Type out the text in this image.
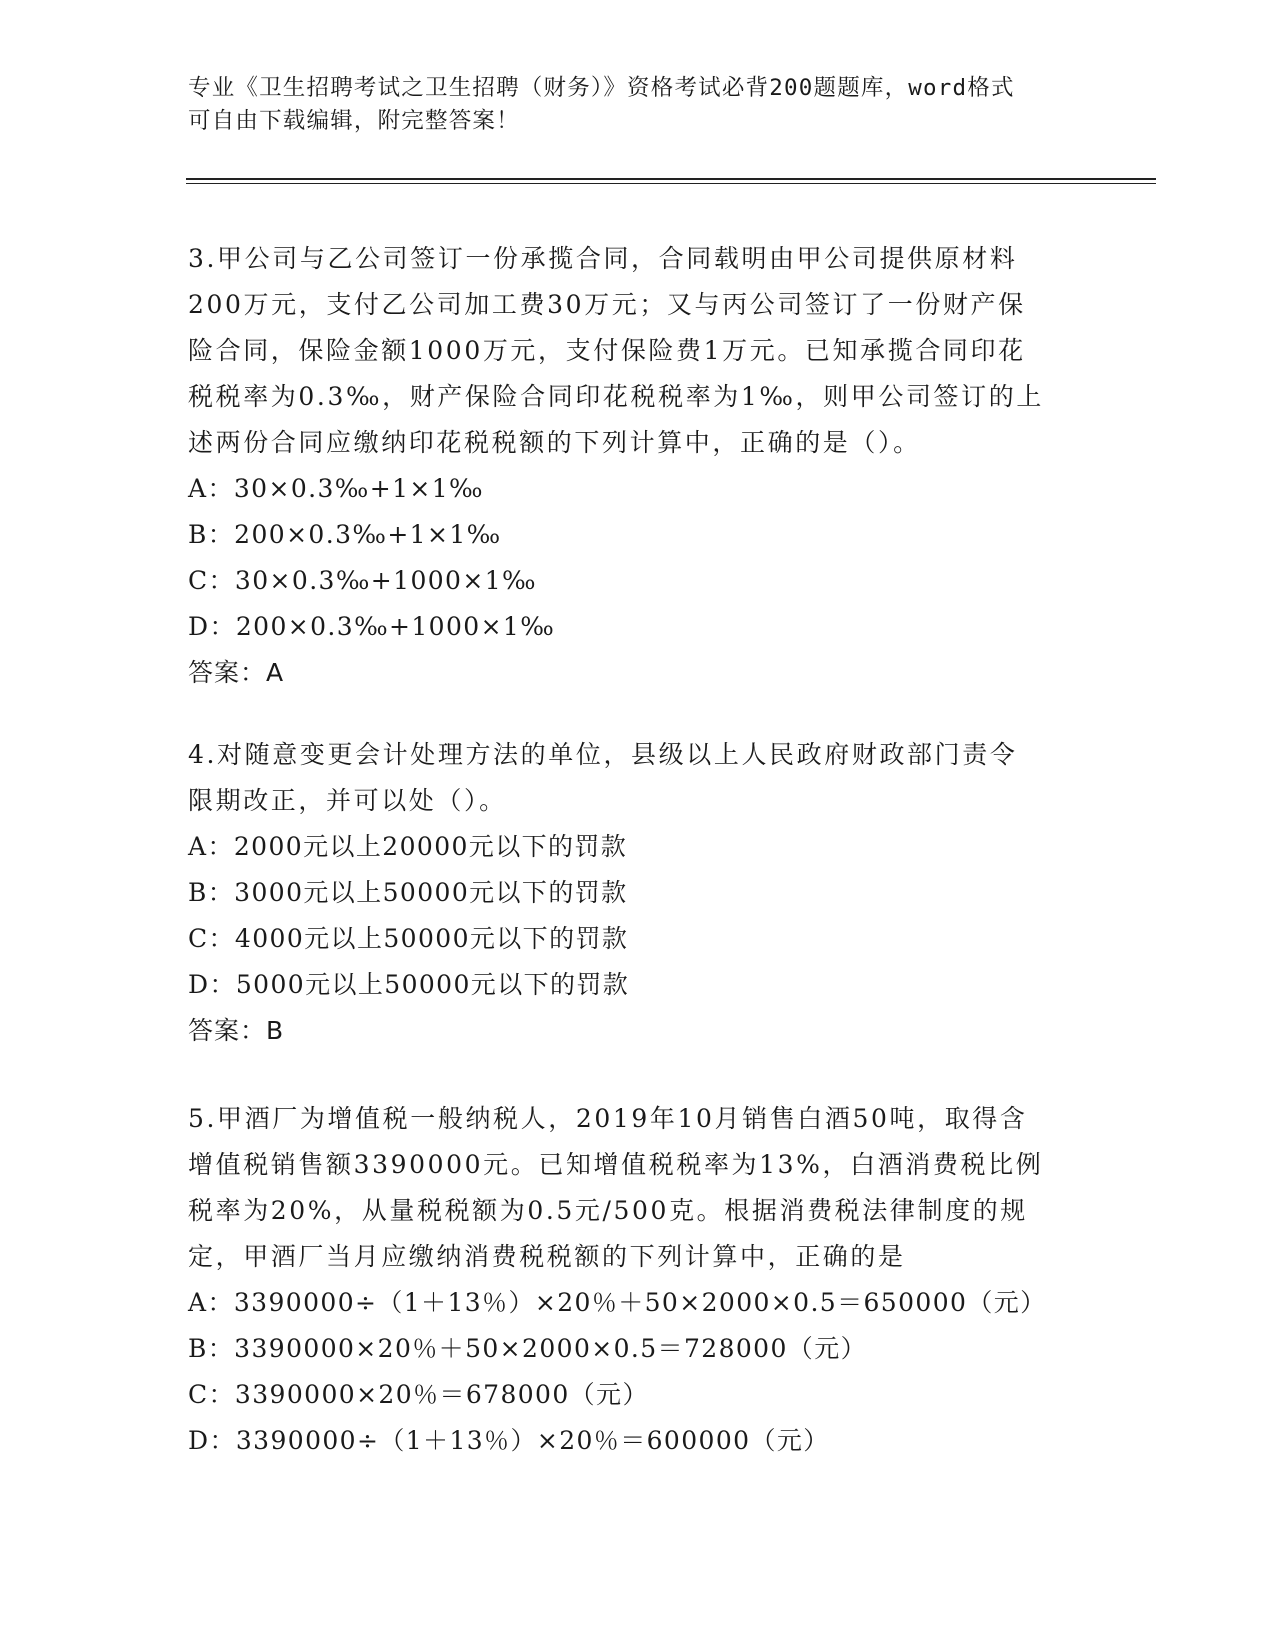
专业《卫生招聘考试之卫生招聘（财务）》资格考试必背200题题库，word格式
可自由下载编辑，附完整答案！

3.甲公司与乙公司签订一份承揽合同，合同载明由甲公司提供原材料

200万元，支付乙公司加工费30万元；又与丙公司签订了一份财产保

险合同，保险金额1000万元，支付保险费1万元。已知承揽合同印花

税税率为0.3‰，财产保险合同印花税税率为1‰，则甲公司签订的上

述两份合同应缴纳印花税税额的下列计算中，正确的是（）。

A：30×0.3‰+1×1‰

B：200×0.3‰+1×1‰

C：30×0.3‰+1000×1‰

D：200×0.3‰+1000×1‰

答案：A

4.对随意变更会计处理方法的单位，县级以上人民政府财政部门责令

限期改正，并可以处（）。

A：2000元以上20000元以下的罚款

B：3000元以上50000元以下的罚款

C：4000元以上50000元以下的罚款

D：5000元以上50000元以下的罚款

答案：B

5.甲酒厂为增值税一般纳税人，2019年10月销售白酒50吨，取得含

增值税销售额3390000元。已知增值税税率为13%，白酒消费税比例

税率为20%，从量税税额为0.5元/500克。根据消费税法律制度的规

定，甲酒厂当月应缴纳消费税税额的下列计算中，正确的是

A：3390000÷（1＋13％）×20％＋50×2000×0.5＝650000（元）

B：3390000×20％＋50×2000×0.5＝728000（元）

C：3390000×20％＝678000（元）

D：3390000÷（1＋13％）×20％＝600000（元）
